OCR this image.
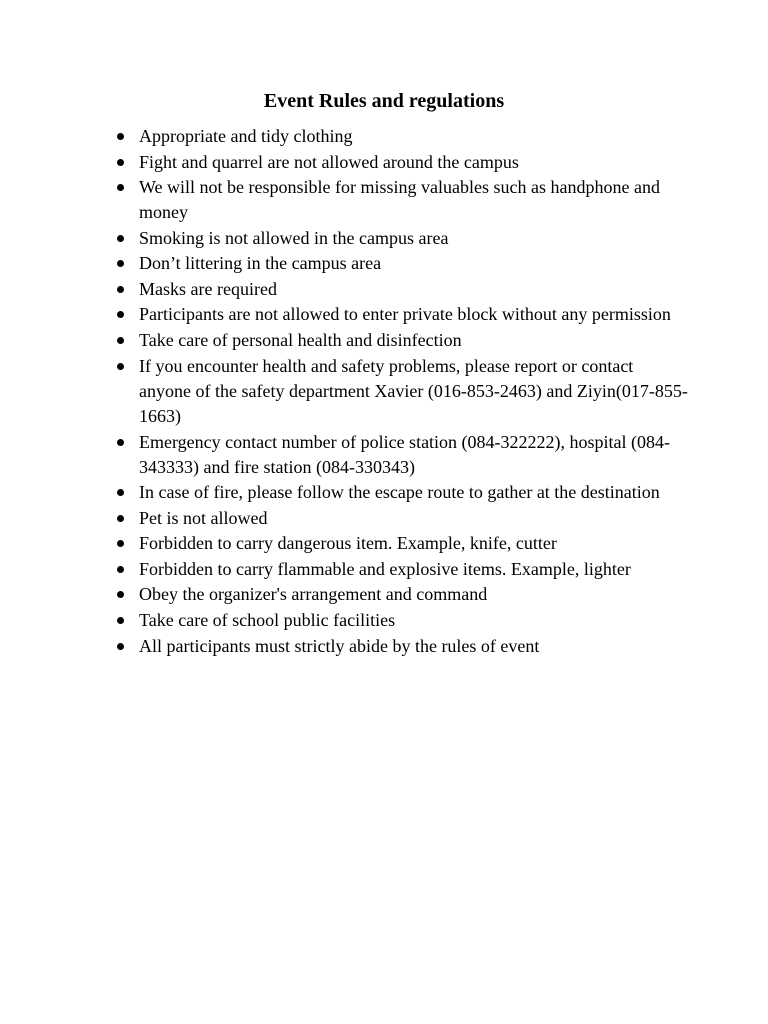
Event Rules and regulations
Appropriate and tidy clothing
Fight and quarrel are not allowed around the campus
We will not be responsible for missing valuables such as handphone and money
Smoking is not allowed in the campus area
Don’t littering in the campus area
Masks are required
Participants are not allowed to enter private block without any permission
Take care of personal health and disinfection
If you encounter health and safety problems, please report or contact anyone of the safety department Xavier (016-853-2463) and Ziyin(017-855-1663)
Emergency contact number of police station (084-322222), hospital (084-343333) and fire station (084-330343)
In case of fire, please follow the escape route to gather at the destination
Pet is not allowed
Forbidden to carry dangerous item. Example, knife, cutter
Forbidden to carry flammable and explosive items. Example, lighter
Obey the organizer's arrangement and command
Take care of school public facilities
All participants must strictly abide by the rules of event
